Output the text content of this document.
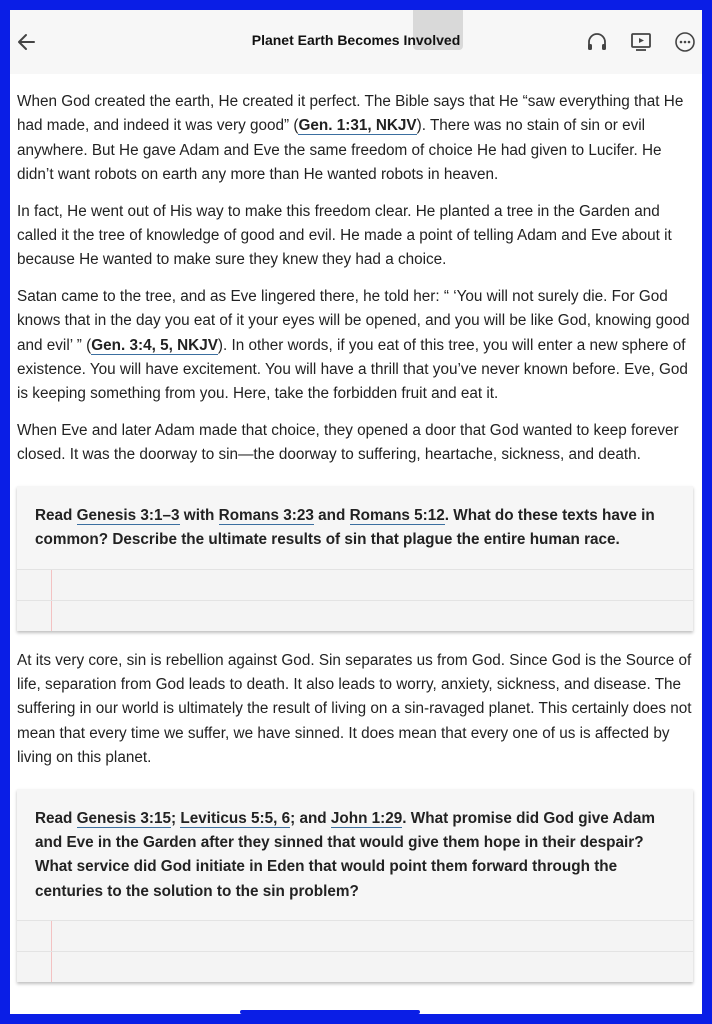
Planet Earth Becomes Involved

When God created the earth, He created it perfect. The Bible says that He “saw everything that He had made, and indeed it was very good” (Gen. 1:31, NKJV). There was no stain of sin or evil anywhere. But He gave Adam and Eve the same freedom of choice He had given to Lucifer. He didn’t want robots on earth any more than He wanted robots in heaven.

In fact, He went out of His way to make this freedom clear. He planted a tree in the Garden and called it the tree of knowledge of good and evil. He made a point of telling Adam and Eve about it because He wanted to make sure they knew they had a choice.

Satan came to the tree, and as Eve lingered there, he told her: “ ‘You will not surely die. For God knows that in the day you eat of it your eyes will be opened, and you will be like God, knowing good and evil’ ” (Gen. 3:4, 5, NKJV). In other words, if you eat of this tree, you will enter a new sphere of existence. You will have excitement. You will have a thrill that you’ve never known before. Eve, God is keeping something from you. Here, take the forbidden fruit and eat it.

When Eve and later Adam made that choice, they opened a door that God wanted to keep forever closed. It was the doorway to sin—the doorway to suffering, heartache, sickness, and death.

Read Genesis 3:1–3 with Romans 3:23 and Romans 5:12. What do these texts have in common? Describe the ultimate results of sin that plague the entire human race.

At its very core, sin is rebellion against God. Sin separates us from God. Since God is the Source of life, separation from God leads to death. It also leads to worry, anxiety, sickness, and disease. The suffering in our world is ultimately the result of living on a sin-ravaged planet. This certainly does not mean that every time we suffer, we have sinned. It does mean that every one of us is affected by living on this planet.

Read Genesis 3:15; Leviticus 5:5, 6; and John 1:29. What promise did God give Adam and Eve in the Garden after they sinned that would give them hope in their despair? What service did God initiate in Eden that would point them forward through the centuries to the solution to the sin problem?
